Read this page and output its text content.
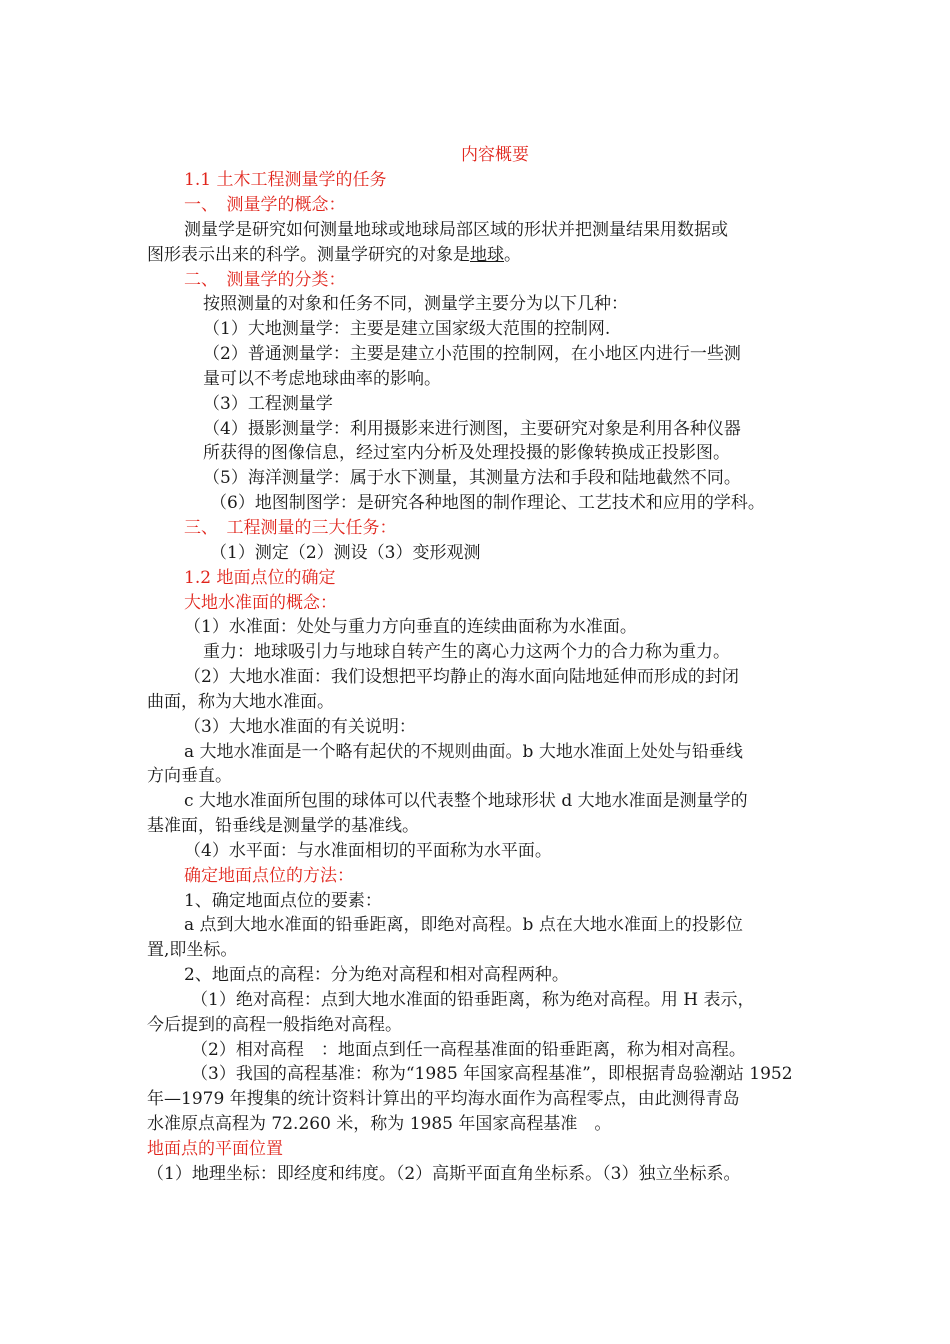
内容概要
1.1 土木工程测量学的任务
一、　测量学的概念：
测量学是研究如何测量地球或地球局部区域的形状并把测量结果用数据或
图形表示出来的科学。测量学研究的对象是地球。
二、　测量学的分类：
按照测量的对象和任务不同，测量学主要分为以下几种：
（1）大地测量学：主要是建立国家级大范围的控制网.
（2）普通测量学：主要是建立小范围的控制网，在小地区内进行一些测
量可以不考虑地球曲率的影响。
（3）工程测量学
（4）摄影测量学：利用摄影来进行测图，主要研究对象是利用各种仪器
所获得的图像信息，经过室内分析及处理投摄的影像转换成正投影图。
（5）海洋测量学：属于水下测量，其测量方法和手段和陆地截然不同。
（6）地图制图学：是研究各种地图的制作理论、工艺技术和应用的学科。
三、　工程测量的三大任务：
（1）测定（2）测设（3）变形观测
1.2 地面点位的确定
大地水准面的概念：
（1）水准面：处处与重力方向垂直的连续曲面称为水准面。
重力：地球吸引力与地球自转产生的离心力这两个力的合力称为重力。
（2）大地水准面：我们设想把平均静止的海水面向陆地延伸而形成的封闭
曲面，称为大地水准面。
（3）大地水准面的有关说明：
a 大地水准面是一个略有起伏的不规则曲面。b 大地水准面上处处与铅垂线
方向垂直。
c 大地水准面所包围的球体可以代表整个地球形状 d 大地水准面是测量学的
基准面，铅垂线是测量学的基准线。
（4）水平面：与水准面相切的平面称为水平面。
确定地面点位的方法：
1、确定地面点位的要素：
a 点到大地水准面的铅垂距离，即绝对高程。b 点在大地水准面上的投影位
置,即坐标。
2、地面点的高程：分为绝对高程和相对高程两种。
（1）绝对高程：点到大地水准面的铅垂距离，称为绝对高程。用 H 表示，
今后提到的高程一般指绝对高程。
（2）相对高程　：地面点到任一高程基准面的铅垂距离，称为相对高程。
（3）我国的高程基准：称为“1985 年国家高程基准”，即根据青岛验潮站 1952
年—1979 年搜集的统计资料计算出的平均海水面作为高程零点，由此测得青岛
水准原点高程为 72.260 米，称为 1985 年国家高程基准　。
地面点的平面位置
（1）地理坐标：即经度和纬度。（2）高斯平面直角坐标系。（3）独立坐标系。
